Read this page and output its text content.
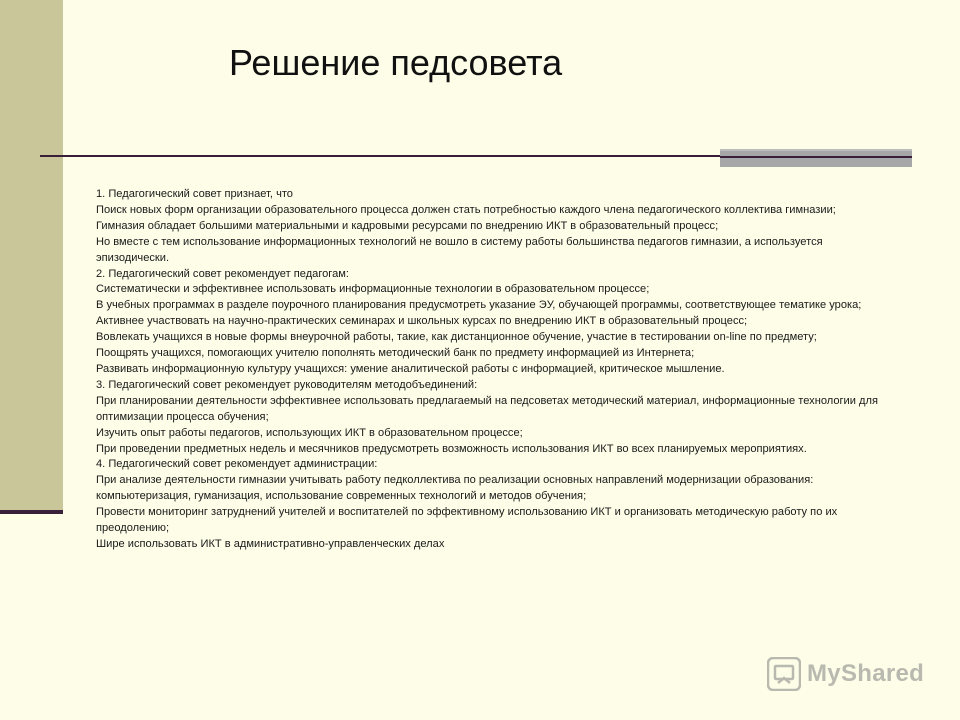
Решение педсовета

1. Педагогический совет признает, что

Поиск новых форм организации образовательного процесса должен стать потребностью каждого члена педагогического коллектива гимназии;

Гимназия обладает большими материальными и кадровыми ресурсами по внедрению ИКТ в образовательный процесс;

Но вместе с тем использование информационных технологий не вошло в систему работы большинства педагогов гимназии, а используется эпизодически.

2. Педагогический совет рекомендует педагогам:

Систематически и эффективнее использовать информационные технологии в образовательном процессе;

В учебных программах в разделе поурочного планирования предусмотреть указание ЭУ, обучающей программы, соответствующее тематике урока;

Активнее участвовать на научно-практических семинарах и школьных курсах по внедрению ИКТ в образовательный процесс;

Вовлекать учащихся в новые формы внеурочной работы, такие, как дистанционное обучение, участие в тестировании on-line по предмету;

Поощрять учащихся, помогающих учителю пополнять методический банк по предмету информацией из Интернета;

Развивать информационную культуру учащихся: умение аналитической работы с информацией, критическое мышление.

3. Педагогический совет рекомендует руководителям методобъединений:

При планировании деятельности эффективнее использовать предлагаемый на педсоветах методический материал, информационные технологии для оптимизации процесса обучения;

Изучить опыт работы педагогов, использующих ИКТ в образовательном процессе;

При проведении предметных недель и месячников предусмотреть возможность использования ИКТ во всех планируемых мероприятиях.

4. Педагогический совет рекомендует администрации:

При анализе деятельности гимназии учитывать работу педколлектива по реализации основных направлений модернизации образования: компьютеризация, гуманизация, использование современных технологий и методов обучения;

Провести мониторинг затруднений учителей и воспитателей по эффективному использованию ИКТ и организовать методическую работу по их преодолению;

Шире использовать ИКТ в административно-управленческих делах

MyShared
